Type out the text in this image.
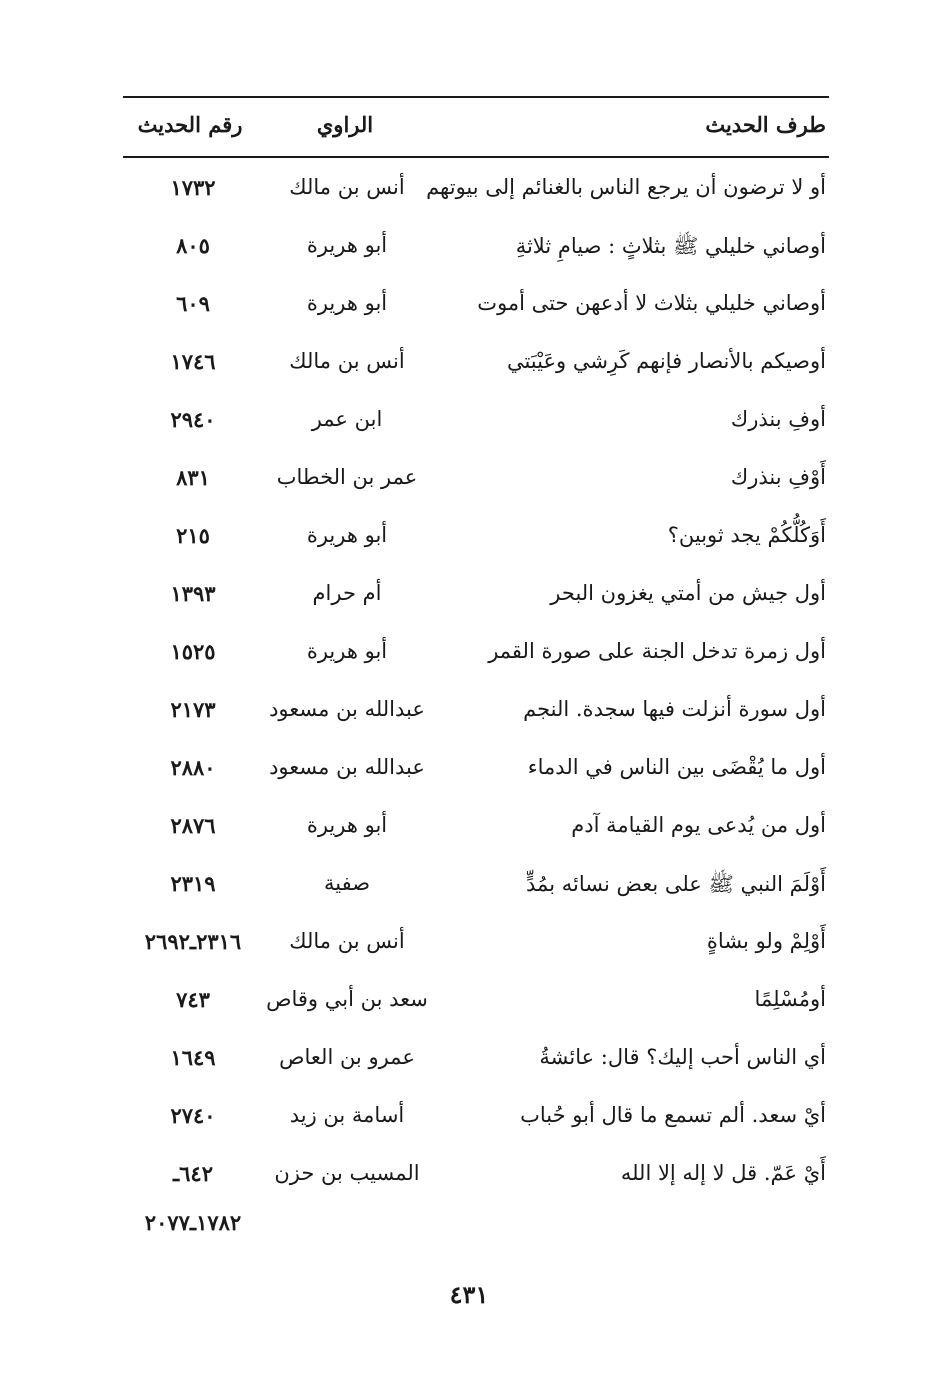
طرف الحديث
الراوي
رقم الحديث
أو لا ترضون أن يرجع الناس بالغنائم إلى بيوتهم
أنس بن مالك
١٧٣٢
أوصاني خليلي ﷺ بثلاثٍ : صيامِ ثلاثةِ
أبو هريرة
٨٠٥
أوصاني خليلي بثلاث لا أدعهن حتى أموت
أبو هريرة
٦٠٩
أوصيكم بالأنصار فإنهم كَرِشي وعَيْبَتي
أنس بن مالك
١٧٤٦
أوفِ بنذرك
ابن عمر
٢٩٤٠
أَوْفِ بنذرك
عمر بن الخطاب
٨٣١
أَوَكُلُّكُمْ يجد ثوبين؟
أبو هريرة
٢١٥
أول جيش من أمتي يغزون البحر
أم حرام
١٣٩٣
أول زمرة تدخل الجنة على صورة القمر
أبو هريرة
١٥٢٥
أول سورة أنزلت فيها سجدة. النجم
عبدالله بن مسعود
٢١٧٣
أول ما يُقْضَى بين الناس في الدماء
عبدالله بن مسعود
٢٨٨٠
أول من يُدعى يوم القيامة آدم
أبو هريرة
٢٨٧٦
أَوْلَمَ النبي ﷺ على بعض نسائه بمُدٍّ
صفية
٢٣١٩
أَوْلِمْ ولو بشاةٍ
أنس بن مالك
٢٣١٦ـ٢٦٩٢
أومُسْلِمًا
سعد بن أبي وقاص
٧٤٣
أي الناس أحب إليك؟ قال: عائشةُ
عمرو بن العاص
١٦٤٩
أيْ سعد. ألم تسمع ما قال أبو حُباب
أسامة بن زيد
٢٧٤٠
أَيْ عَمّ. قل لا إله إلا الله
المسيب بن حزن
٦٤٢ـ
١٧٨٢ـ٢٠٧٧
٤٣١
